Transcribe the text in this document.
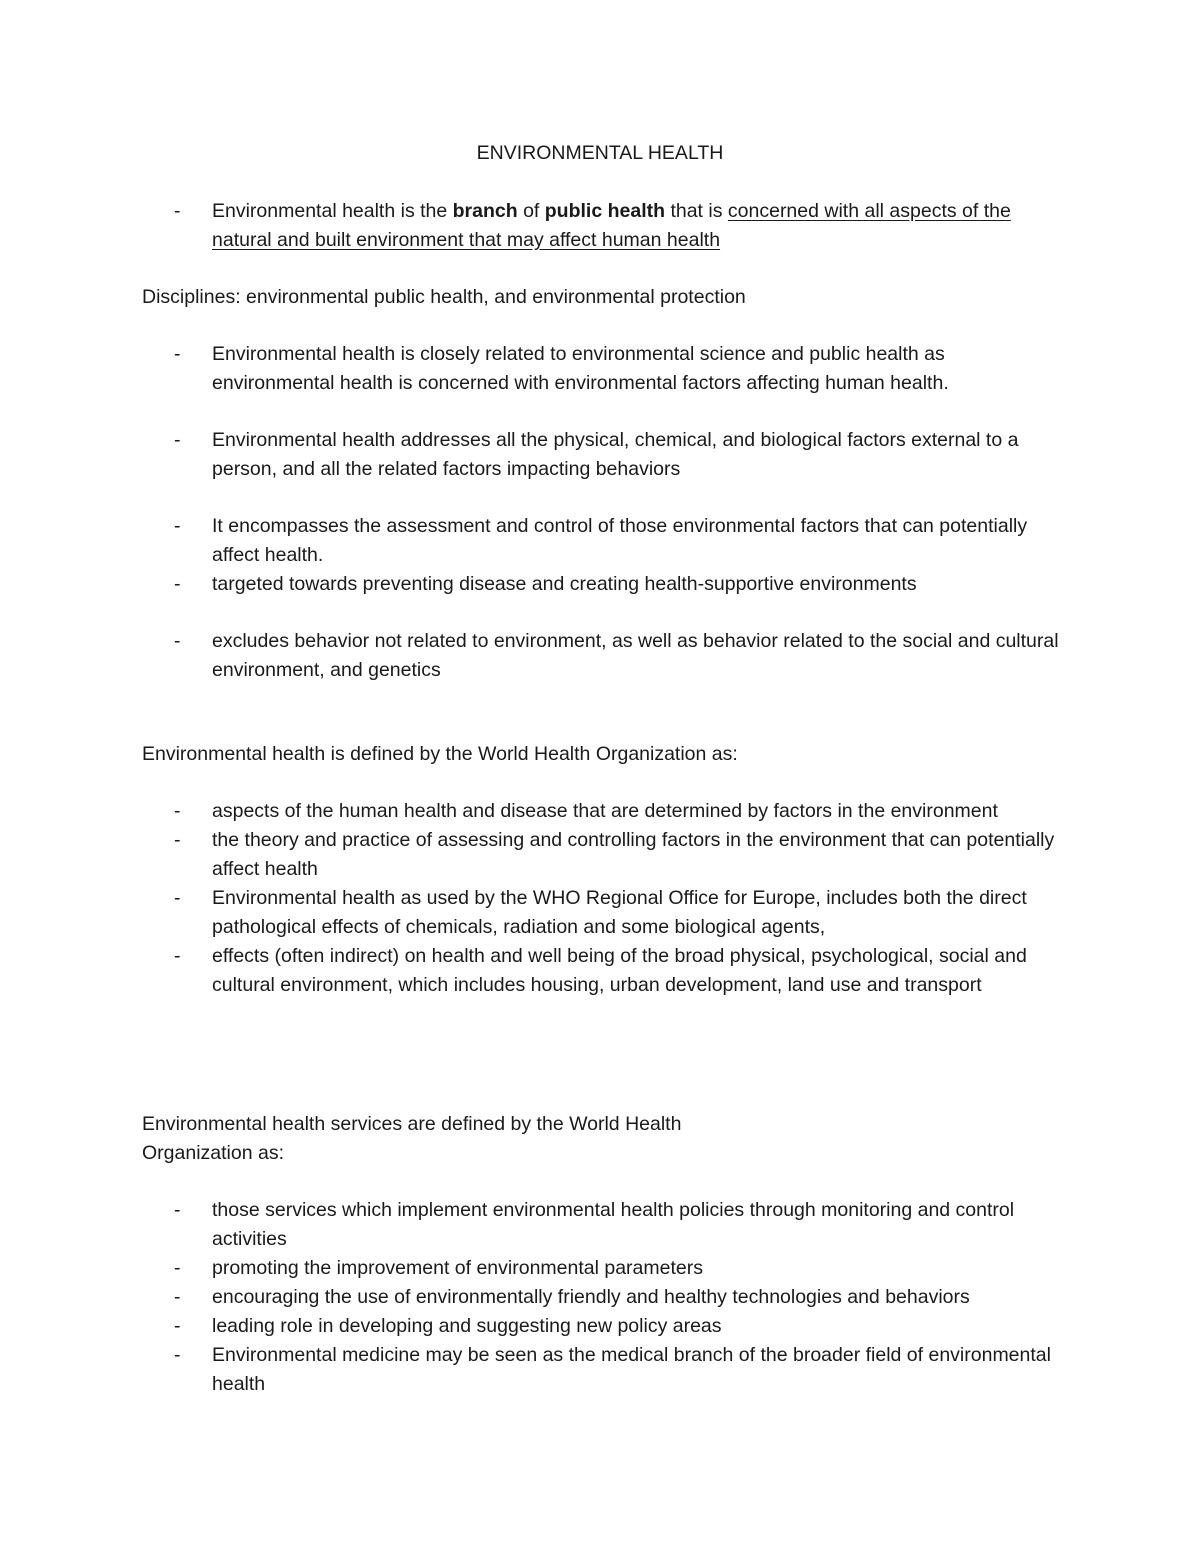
ENVIRONMENTAL HEALTH
- Environmental health is the branch of public health that is concerned with all aspects of the natural and built environment that may affect human health

Disciplines: environmental public health, and environmental protection

- Environmental health is closely related to environmental science and public health as environmental health is concerned with environmental factors affecting human health.
- Environmental health addresses all the physical, chemical, and biological factors external to a person, and all the related factors impacting behaviors
- It encompasses the assessment and control of those environmental factors that can potentially affect health.
- targeted towards preventing disease and creating health-supportive environments
- excludes behavior not related to environment, as well as behavior related to the social and cultural environment, and genetics

Environmental health is defined by the World Health Organization as:

- aspects of the human health and disease that are determined by factors in the environment
- the theory and practice of assessing and controlling factors in the environment that can potentially affect health
- Environmental health as used by the WHO Regional Office for Europe, includes both the direct pathological effects of chemicals, radiation and some biological agents,
- effects (often indirect) on health and well being of the broad physical, psychological, social and cultural environment, which includes housing, urban development, land use and transport

Environmental health services are defined by the World Health
Organization as:

- those services which implement environmental health policies through monitoring and control activities
- promoting the improvement of environmental parameters
- encouraging the use of environmentally friendly and healthy technologies and behaviors
- leading role in developing and suggesting new policy areas
- Environmental medicine may be seen as the medical branch of the broader field of environmental health
